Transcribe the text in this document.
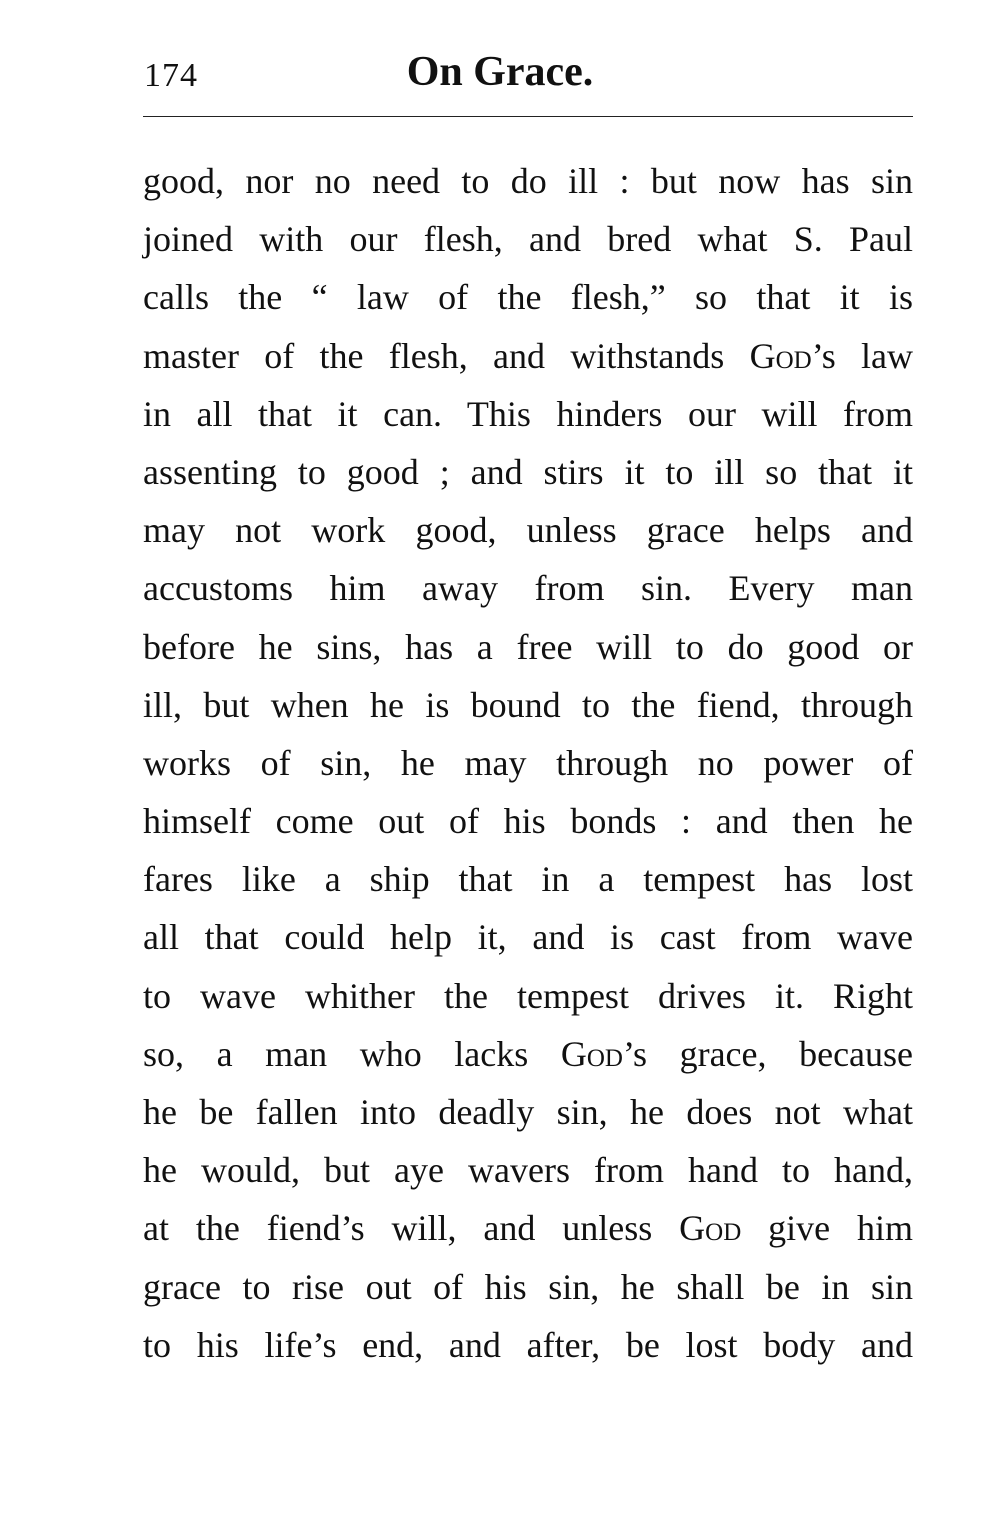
174	On Grace.
good, nor no need to do ill : but now has sin
joined with our flesh, and bred what S. Paul
calls the “ law of the flesh,” so that it is
master of the flesh, and withstands God’s law
in all that it can. This hinders our will from
assenting to good ; and stirs it to ill so that it
may not work good, unless grace helps and
accustoms him away from sin. Every man
before he sins, has a free will to do good or
ill, but when he is bound to the fiend, through
works of sin, he may through no power of
himself come out of his bonds : and then he
fares like a ship that in a tempest has lost
all that could help it, and is cast from wave
to wave whither the tempest drives it. Right
so, a man who lacks God’s grace, because
he be fallen into deadly sin, he does not what
he would, but aye wavers from hand to hand,
at the fiend’s will, and unless God give him
grace to rise out of his sin, he shall be in sin
to his life’s end, and after, be lost body and
